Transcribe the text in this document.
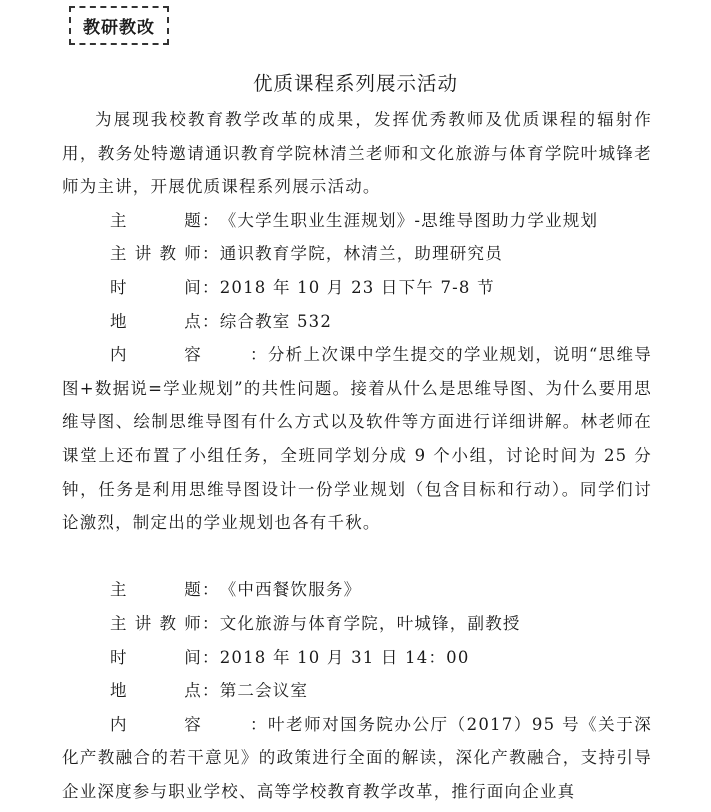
教研教改
优质课程系列展示活动

为展现我校教育教学改革的成果，发挥优秀教师及优质课程的辐射作用，教务处特邀请通识教育学院林清兰老师和文化旅游与体育学院叶城锋老师为主讲，开展优质课程系列展示活动。

主题：《大学生职业生涯规划》-思维导图助力学业规划

主讲教师：通识教育学院，林清兰，助理研究员

时间：2018 年 10 月 23 日下午 7-8 节

地点：综合教室 532

内容	：分析上次课中学生提交的学业规划，说明“思维导图+数据说=学业规划”的共性问题。接着从什么是思维导图、为什么要用思维导图、绘制思维导图有什么方式以及软件等方面进行详细讲解。林老师在课堂上还布置了小组任务，全班同学划分成 9 个小组，讨论时间为 25 分钟，任务是利用思维导图设计一份学业规划（包含目标和行动）。同学们讨论激烈，制定出的学业规划也各有千秋。

主题：《中西餐饮服务》

主讲教师：文化旅游与体育学院，叶城锋，副教授

时间：2018 年 10 月 31 日 14：00

地点：第二会议室

内容	：叶老师对国务院办公厅（2017）95 号《关于深化产教融合的若干意见》的政策进行全面的解读，深化产教融合，支持引导企业深度参与职业学校、高等学校教育教学改革，推行面向企业真
